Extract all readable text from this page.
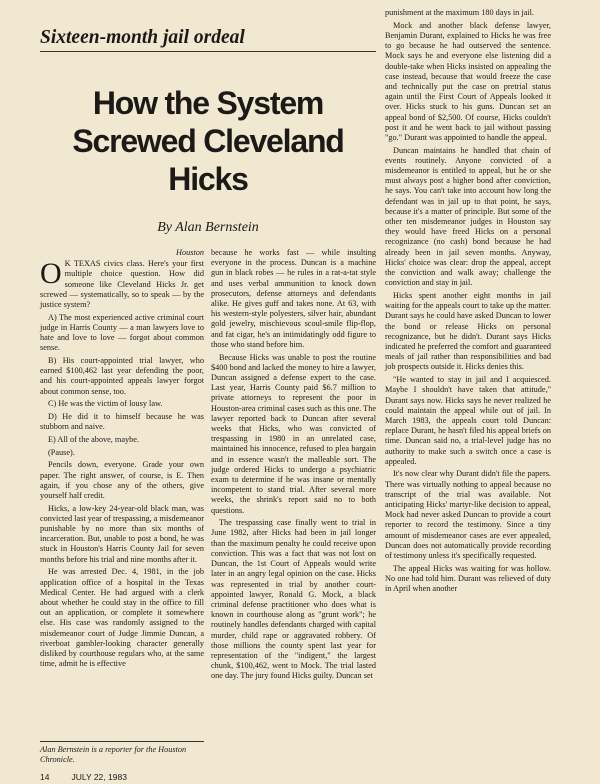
Sixteen-month jail ordeal
How the System
Screwed Cleveland Hicks
By Alan Bernstein
Houston

O K TEXAS civics class. Here's your first multiple choice question. How did someone like Cleveland Hicks Jr. get screwed — systematically, so to speak — by the justice system?

A) The most experienced active criminal court judge in Harris County — a man lawyers love to hate and love to love — forgot about common sense.

B) His court-appointed trial lawyer, who earned $100,462 last year defending the poor, and his court-appointed appeals lawyer forgot about common sense, too.

C) He was the victim of lousy law.

D) He did it to himself because he was stubborn and naive.

E) All of the above, maybe.

(Pause).

Pencils down, everyone. Grade your own paper. The right answer, of course, is E. Then again, if you chose any of the others, give yourself half credit.

Hicks, a low-key 24-year-old black man, was convicted last year of trespassing, a misdemeanor punishable by no more than six months of incarceration. But, unable to post a bond, he was stuck in Houston's Harris County Jail for seven months before his trial and nine months after it.

He was arrested Dec. 4, 1981, in the job application office of a hospital in the Texas Medical Center. He had argued with a clerk about whether he could stay in the office to fill out an application, or complete it somewhere else. His case was randomly assigned to the misdemeanor court of Judge Jimmie Duncan, a riverboat gambler-looking character generally disliked by courthouse regulars who, at the same time, admit he is effective

Alan Bernstein is a reporter for the Houston Chronicle.

because he works fast — while insulting everyone in the process. Duncan is a machine gun in black robes — he rules in a rat-a-tat style and uses verbal ammunition to knock down prosecutors, defense attorneys and defendants alike. He gives guff and takes none. At 63, with his western-style polyesters, silver hair, abundant gold jewelry, mischievous scoul-smile flip-flop, and fat cigar, he's an intimidatingly odd figure to those who stand before him.

Because Hicks was unable to post the routine $400 bond and lacked the money to hire a lawyer, Duncan assigned a defense expert to the case. Last year, Harris County paid $6.7 million to private attorneys to represent the poor in Houston-area criminal cases such as this one. The lawyer reported back to Duncan after several weeks that Hicks, who was convicted of trespassing in 1980 in an unrelated case, maintained his innocence, refused to plea bargain and in essence wasn't the malleable sort. The judge ordered Hicks to undergo a psychiatric exam to determine if he was insane or mentally incompetent to stand trial. After several more weeks, the shrink's report said no to both questions.

The trespassing case finally went to trial in June 1982, after Hicks had been in jail longer than the maximum penalty he could receive upon conviction. This was a fact that was not lost on Duncan, the 1st Court of Appeals would write later in an angry legal opinion on the case. Hicks was represented in trial by another court-appointed lawyer, Ronald G. Mock, a black criminal defense practitioner who does what is known in courthouse along as "grunt work"; he routinely handles defendants charged with capital murder, child rape or aggravated robbery. Of those millions the county spent last year for representation of the "indigent," the largest chunk, $100,462, went to Mock. The trial lasted one day. The jury found Hicks guilty. Duncan set

punishment at the maximum 180 days in jail.

Mock and another black defense lawyer, Benjamin Durant, explained to Hicks he was free to go because he had outserved the sentence. Mock says he and everyone else listening did a double-take when Hicks insisted on appealing the case instead, because that would freeze the case and technically put the case on pretrial status again until the First Court of Appeals looked it over. Hicks stuck to his guns. Duncan set an appeal bond of $2,500. Of course, Hicks couldn't post it and he went back to jail without passing "go." Durant was appointed to handle the appeal.

Duncan maintains he handled that chain of events routinely. Anyone convicted of a misdemeanor is entitled to appeal, but he or she must always post a higher bond after conviction, he says. You can't take into account how long the defendant was in jail up to that point, he says, because it's a matter of principle. But some of the other ten misdemeanor judges in Houston say they would have freed Hicks on a personal recognizance (no cash) bond because he had already been in jail seven months. Anyway, Hicks' choice was clear: drop the appeal, accept the conviction and walk away; challenge the conviction and stay in jail.

Hicks spent another eight months in jail waiting for the appeals court to take up the matter. Durant says he could have asked Duncan to lower the bond or release Hicks on personal recognizance, but he didn't. Durant says Hicks indicated he preferred the comfort and guaranteed meals of jail rather than responsibilities and bad job prospects outside it. Hicks denies this.

"He wanted to stay in jail and I acquiesced. Maybe I shouldn't have taken that attitude," Durant says now. Hicks says he never realized he could maintain the appeal while out of jail. In March 1983, the appeals court told Duncan: replace Durant, he hasn't filed his appeal briefs on time. Duncan said no, a trial-level judge has no authority to make such a switch once a case is appealed.

It's now clear why Durant didn't file the papers. There was virtually nothing to appeal because no transcript of the trial was available. Not anticipating Hicks' martyr-like decision to appeal, Mock had never asked Duncan to provide a court reporter to record the testimony. Since a tiny amount of misdemeanor cases are ever appealed, Duncan does not automatically provide recording of testimony unless it's specifically requested.

The appeal Hicks was waiting for was hollow. No one had told him. Durant was relieved of duty in April when another

14	JULY 22, 1983
